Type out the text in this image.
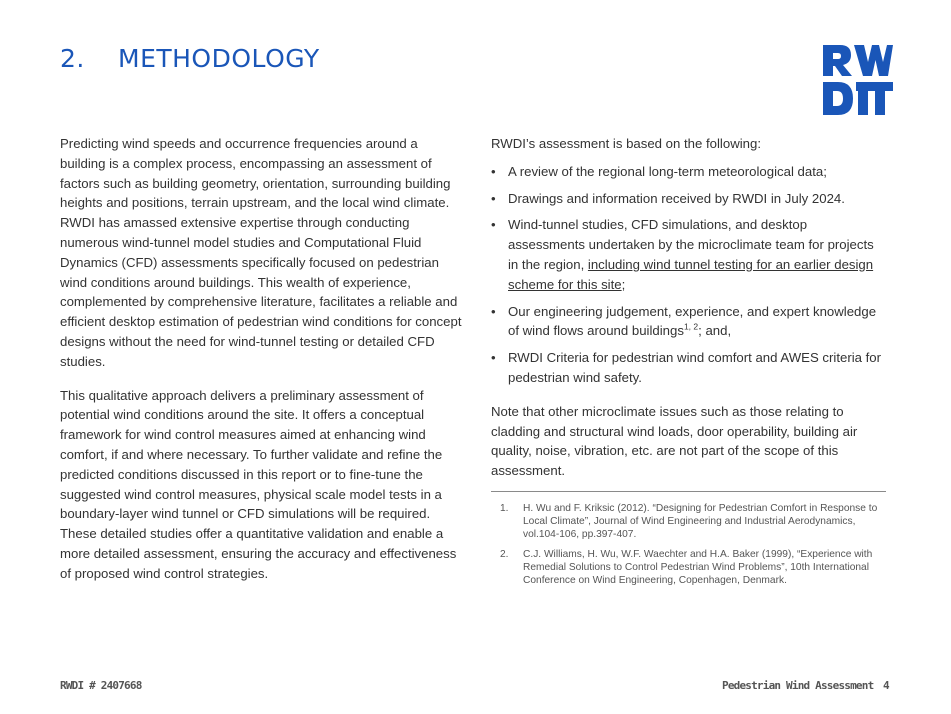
2. METHODOLOGY

Predicting wind speeds and occurrence frequencies around a building is a complex process, encompassing an assessment of factors such as building geometry, orientation, surrounding building heights and positions, terrain upstream, and the local wind climate. RWDI has amassed extensive expertise through conducting numerous wind-tunnel model studies and Computational Fluid Dynamics (CFD) assessments specifically focused on pedestrian wind conditions around buildings. This wealth of experience, complemented by comprehensive literature, facilitates a reliable and efficient desktop estimation of pedestrian wind conditions for concept designs without the need for wind-tunnel testing or detailed CFD studies.

This qualitative approach delivers a preliminary assessment of potential wind conditions around the site. It offers a conceptual framework for wind control measures aimed at enhancing wind comfort, if and where necessary. To further validate and refine the predicted conditions discussed in this report or to fine-tune the suggested wind control measures, physical scale model tests in a boundary-layer wind tunnel or CFD simulations will be required. These detailed studies offer a quantitative validation and enable a more detailed assessment, ensuring the accuracy and effectiveness of proposed wind control strategies.

RWDI’s assessment is based on the following:

• A review of the regional long-term meteorological data;
• Drawings and information received by RWDI in July 2024.
• Wind-tunnel studies, CFD simulations, and desktop assessments undertaken by the microclimate team for projects in the region, including wind tunnel testing for an earlier design scheme for this site;
• Our engineering judgement, experience, and expert knowledge of wind flows around buildings$^{1, 2}$; and,
• RWDI Criteria for pedestrian wind comfort and AWES criteria for pedestrian wind safety.

Note that other microclimate issues such as those relating to cladding and structural wind loads, door operability, building air quality, noise, vibration, etc. are not part of the scope of this assessment.

1. H. Wu and F. Kriksic (2012). “Designing for Pedestrian Comfort in Response to Local Climate”, Journal of Wind Engineering and Industrial Aerodynamics, vol.104-106, pp.397-407.
2. C.J. Williams, H. Wu, W.F. Waechter and H.A. Baker (1999), “Experience with Remedial Solutions to Control Pedestrian Wind Problems”, 10th International Conference on Wind Engineering, Copenhagen, Denmark.
RWDI # 2407668	Pedestrian Wind Assessment 4
